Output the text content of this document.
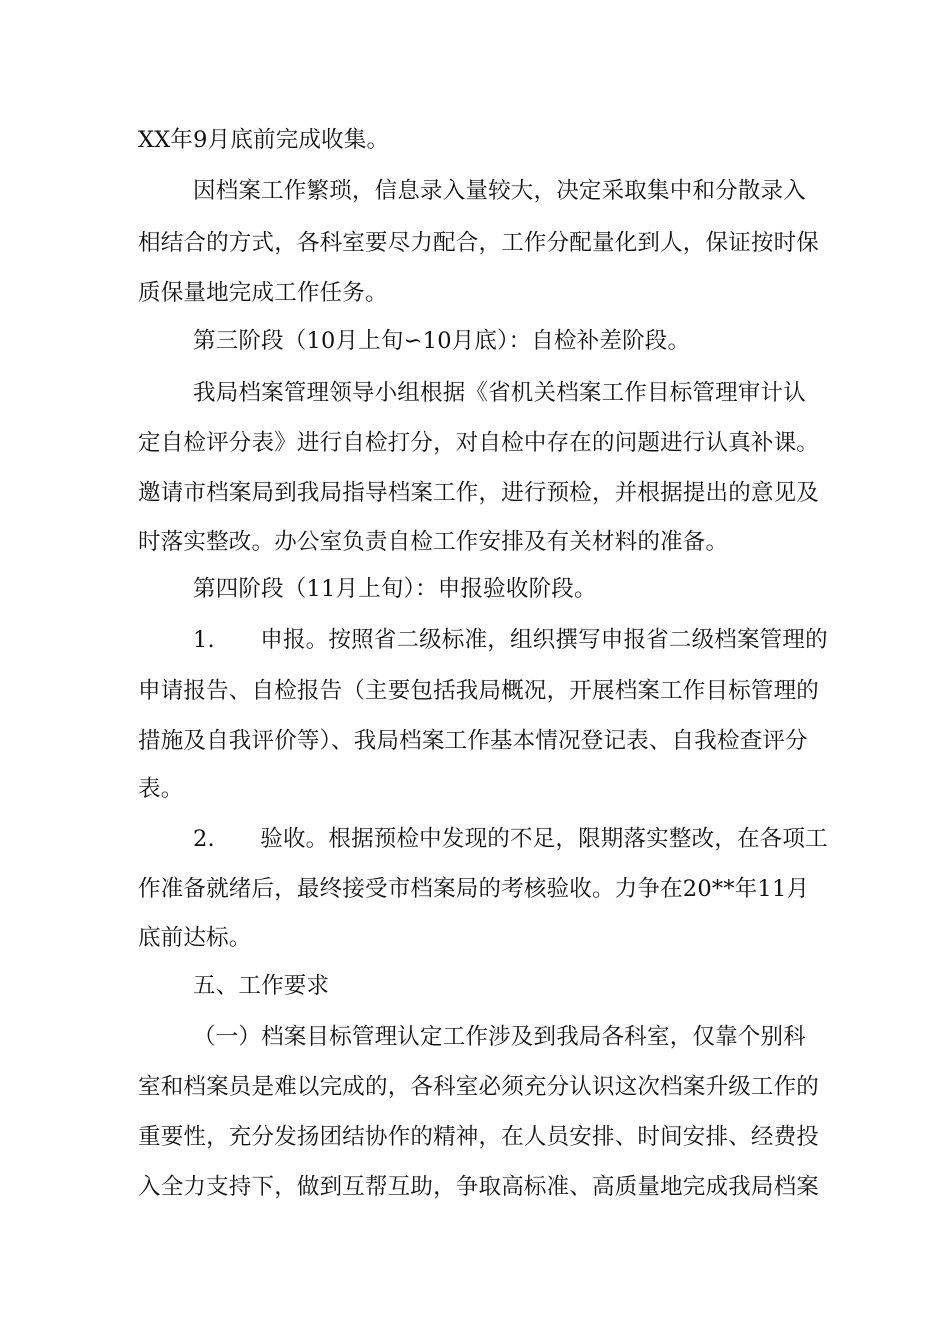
XX年9月底前完成收集。
因档案工作繁琐，信息录入量较大，决定采取集中和分散录入
相结合的方式，各科室要尽力配合，工作分配量化到人，保证按时保
质保量地完成工作任务。
第三阶段（10月上旬∽10月底）：自检补差阶段。
我局档案管理领导小组根据《省机关档案工作目标管理审计认
定自检评分表》进行自检打分，对自检中存在的问题进行认真补课。
邀请市档案局到我局指导档案工作，进行预检，并根据提出的意见及
时落实整改。办公室负责自检工作安排及有关材料的准备。
第四阶段（11月上旬）：申报验收阶段。
1.　　申报。按照省二级标准，组织撰写申报省二级档案管理的
申请报告、自检报告（主要包括我局概况，开展档案工作目标管理的
措施及自我评价等）、我局档案工作基本情况登记表、自我检查评分
表。
2.　　验收。根据预检中发现的不足，限期落实整改，在各项工
作准备就绪后，最终接受市档案局的考核验收。力争在20**年11月
底前达标。
五、工作要求
（一）档案目标管理认定工作涉及到我局各科室，仅靠个别科
室和档案员是难以完成的，各科室必须充分认识这次档案升级工作的
重要性，充分发扬团结协作的精神，在人员安排、时间安排、经费投
入全力支持下，做到互帮互助，争取高标准、高质量地完成我局档案
